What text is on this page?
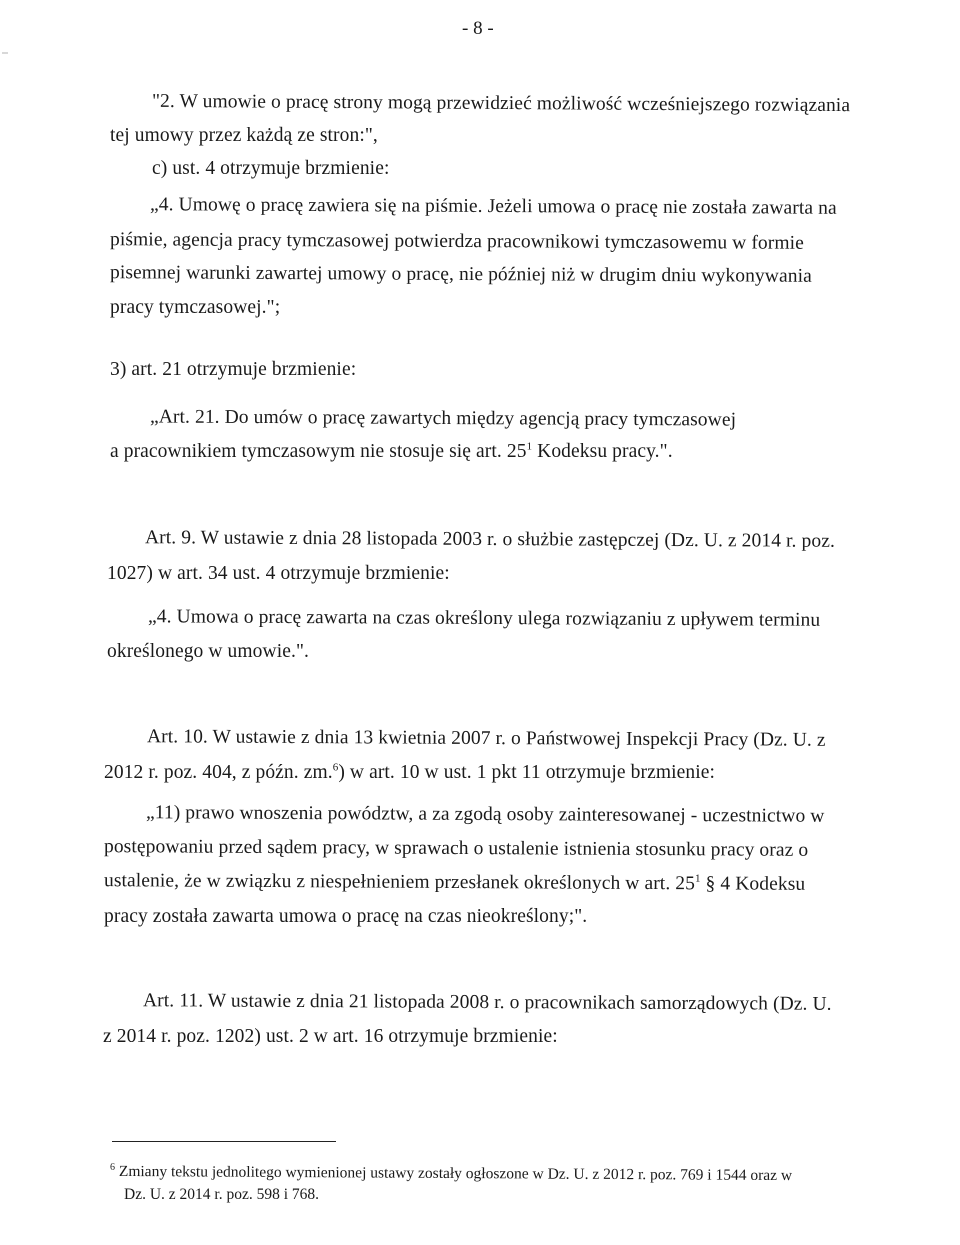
- 8 -
"2. W umowie o pracę strony mogą przewidzieć możliwość wcześniejszego rozwiązania
tej umowy przez każdą ze stron:",
c) ust. 4 otrzymuje brzmienie:
„4. Umowę o pracę zawiera się na piśmie. Jeżeli umowa o pracę nie została zawarta na
piśmie, agencja pracy tymczasowej potwierdza pracownikowi tymczasowemu w formie
pisemnej warunki zawartej umowy o pracę, nie później niż w drugim dniu wykonywania
pracy tymczasowej.";
3) art. 21 otrzymuje brzmienie:
„Art. 21. Do umów o pracę zawartych między agencją pracy tymczasowej
a pracownikiem tymczasowym nie stosuje się art. $25^1$ Kodeksu pracy.".
Art. 9. W ustawie z dnia 28 listopada 2003 r. o służbie zastępczej (Dz. U. z 2014 r. poz.
1027) w art. 34 ust. 4 otrzymuje brzmienie:
„4. Umowa o pracę zawarta na czas określony ulega rozwiązaniu z upływem terminu
określonego w umowie.".
Art. 10. W ustawie z dnia 13 kwietnia 2007 r. o Państwowej Inspekcji Pracy (Dz. U. z
2012 r. poz. 404, z późn. zm.$^6$) w art. 10 w ust. 1 pkt 11 otrzymuje brzmienie:
„11) prawo wnoszenia powództw, a za zgodą osoby zainteresowanej - uczestnictwo w
postępowaniu przed sądem pracy, w sprawach o ustalenie istnienia stosunku pracy oraz o
ustalenie, że w związku z niespełnieniem przesłanek określonych w art. $25^1$ § 4 Kodeksu
pracy została zawarta umowa o pracę na czas nieokreślony;".
Art. 11. W ustawie z dnia 21 listopada 2008 r. o pracownikach samorządowych (Dz. U.
z 2014 r. poz. 1202) ust. 2 w art. 16 otrzymuje brzmienie:
$^6$ Zmiany tekstu jednolitego wymienionej ustawy zostały ogłoszone w Dz. U. z 2012 r. poz. 769 i 1544 oraz w
Dz. U. z 2014 r. poz. 598 i 768.
